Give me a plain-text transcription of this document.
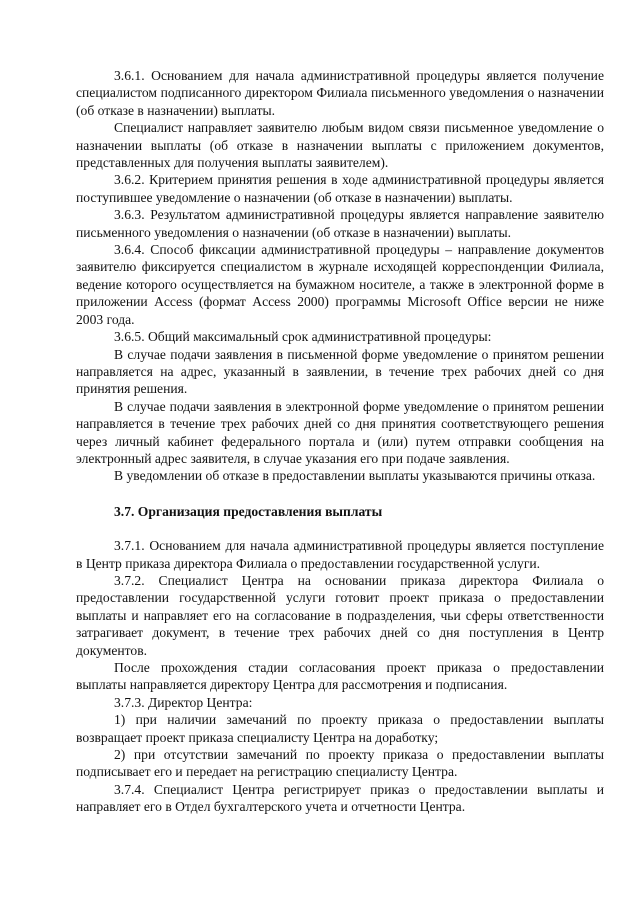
3.6.1. Основанием для начала административной процедуры является получение специалистом подписанного директором Филиала письменного уведомления о назначении (об отказе в назначении) выплаты.

Специалист направляет заявителю любым видом связи письменное уведомление о назначении выплаты (об отказе в назначении выплаты с приложением документов, представленных для получения выплаты заявителем).

3.6.2. Критерием принятия решения в ходе административной процедуры является поступившее уведомление о назначении (об отказе в назначении) выплаты.

3.6.3. Результатом административной процедуры является направление заявителю письменного уведомления о назначении (об отказе в назначении) выплаты.

3.6.4. Способ фиксации административной процедуры – направление документов заявителю фиксируется специалистом в журнале исходящей корреспонденции Филиала, ведение которого осуществляется на бумажном носителе, а также в электронной форме в приложении Access (формат Access 2000) программы Microsoft Office версии не ниже 2003 года.

3.6.5. Общий максимальный срок административной процедуры:

В случае подачи заявления в письменной форме уведомление о принятом решении направляется на адрес, указанный в заявлении, в течение трех рабочих дней со дня принятия решения.

В случае подачи заявления в электронной форме уведомление о принятом решении направляется в течение трех рабочих дней со дня принятия соответствующего решения через личный кабинет федерального портала и (или) путем отправки сообщения на электронный адрес заявителя, в случае указания его при подаче заявления.

В уведомлении об отказе в предоставлении выплаты указываются причины отказа.

3.7. Организация предоставления выплаты

3.7.1. Основанием для начала административной процедуры является поступление в Центр приказа директора Филиала о предоставлении государственной услуги.

3.7.2. Специалист Центра на основании приказа директора Филиала о предоставлении государственной услуги готовит проект приказа о предоставлении выплаты и направляет его на согласование в подразделения, чьи сферы ответственности затрагивает документ, в течение трех рабочих дней со дня поступления в Центр документов.

После прохождения стадии согласования проект приказа о предоставлении выплаты направляется директору Центра для рассмотрения и подписания.

3.7.3. Директор Центра:

1) при наличии замечаний по проекту приказа о предоставлении выплаты возвращает проект приказа специалисту Центра на доработку;

2) при отсутствии замечаний по проекту приказа о предоставлении выплаты подписывает его и передает на регистрацию специалисту Центра.

3.7.4. Специалист Центра регистрирует приказ о предоставлении выплаты и направляет его в Отдел бухгалтерского учета и отчетности Центра.
